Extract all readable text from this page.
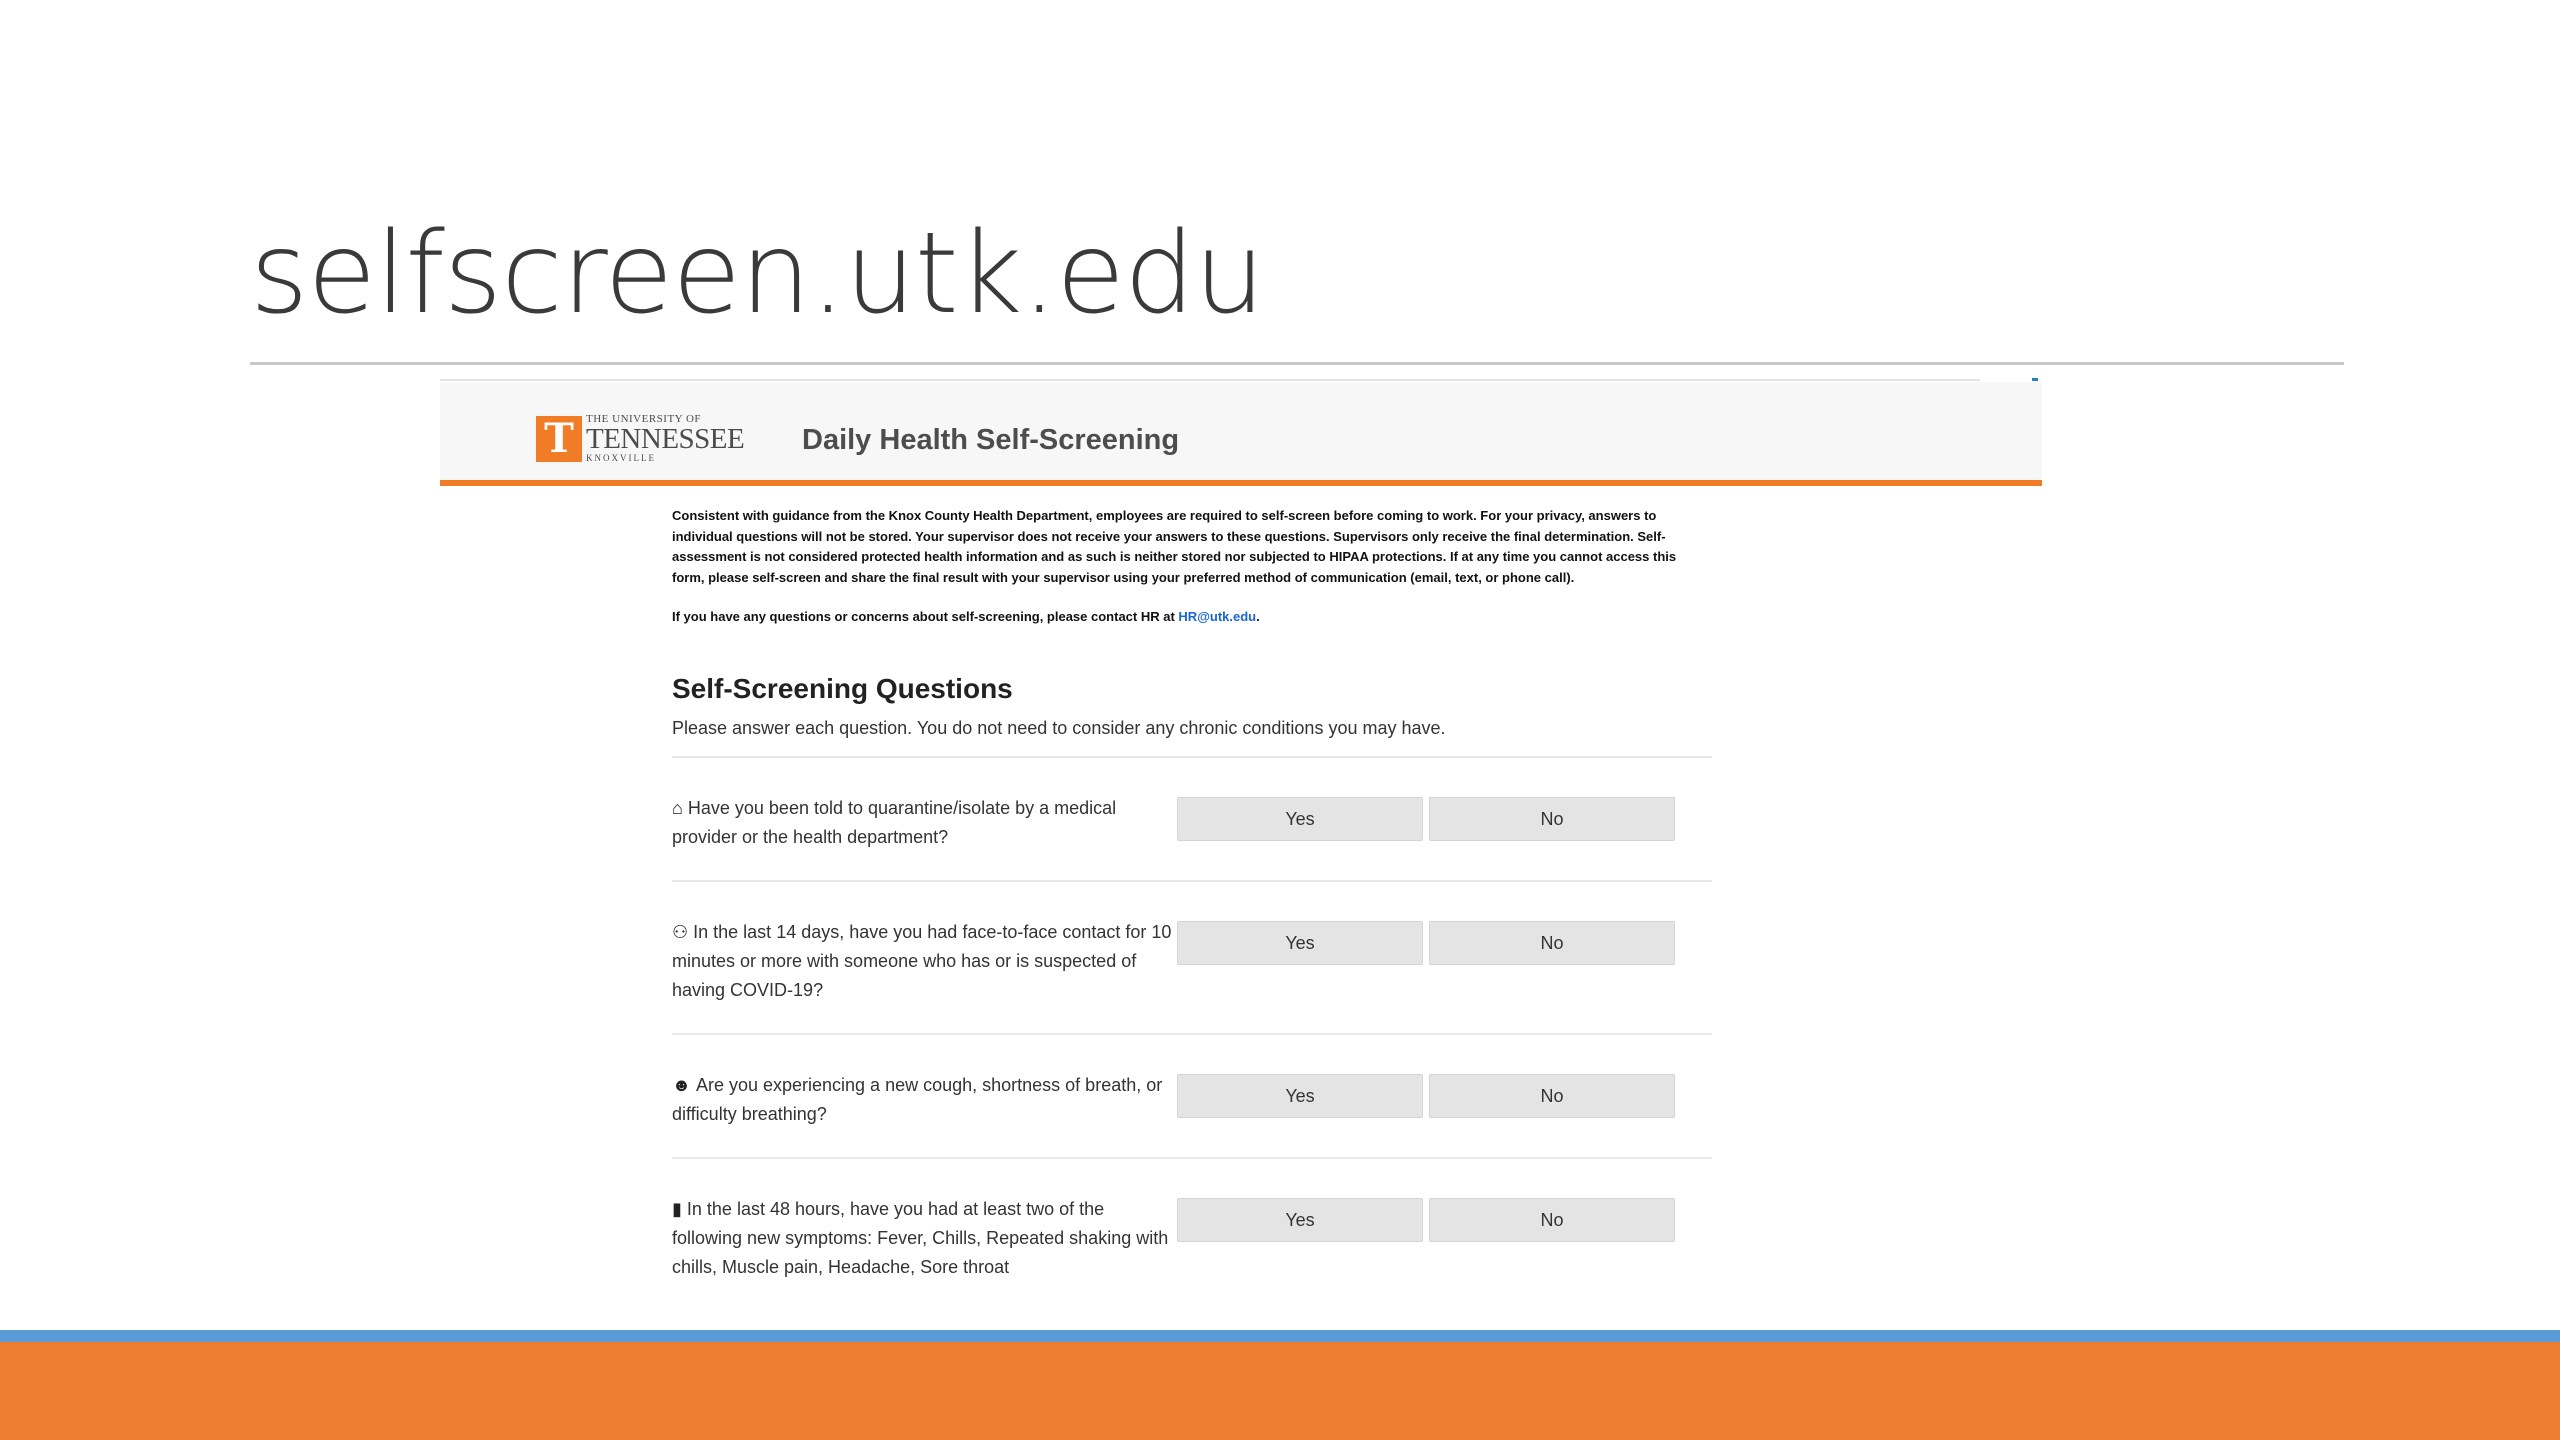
selfscreen.utk.edu
T	THE UNIVERSITY OF
TENNESSEE
KNOXVILLE
Daily Health Self-Screening

Consistent with guidance from the Knox County Health Department, employees are required to self-screen before coming to work. For your privacy, answers to individual questions will not be stored. Your supervisor does not receive your answers to these questions. Supervisors only receive the final determination. Self-assessment is not considered protected health information and as such is neither stored nor subjected to HIPAA protections. If at any time you cannot access this form, please self-screen and share the final result with your supervisor using your preferred method of communication (email, text, or phone call).

If you have any questions or concerns about self-screening, please contact HR at HR@utk.edu.

Self-Screening Questions
Please answer each question. You do not need to consider any chronic conditions you may have.
⌂ Have you been told to quarantine/isolate by a medical provider or the health department?
Yes	No
⚇ In the last 14 days, have you had face-to-face contact for 10 minutes or more with someone who has or is suspected of having COVID-19?
Yes	No
☻ Are you experiencing a new cough, shortness of breath, or difficulty breathing?
Yes	No
▮ In the last 48 hours, have you had at least two of the following new symptoms: Fever, Chills, Repeated shaking with chills, Muscle pain, Headache, Sore throat
Yes	No
